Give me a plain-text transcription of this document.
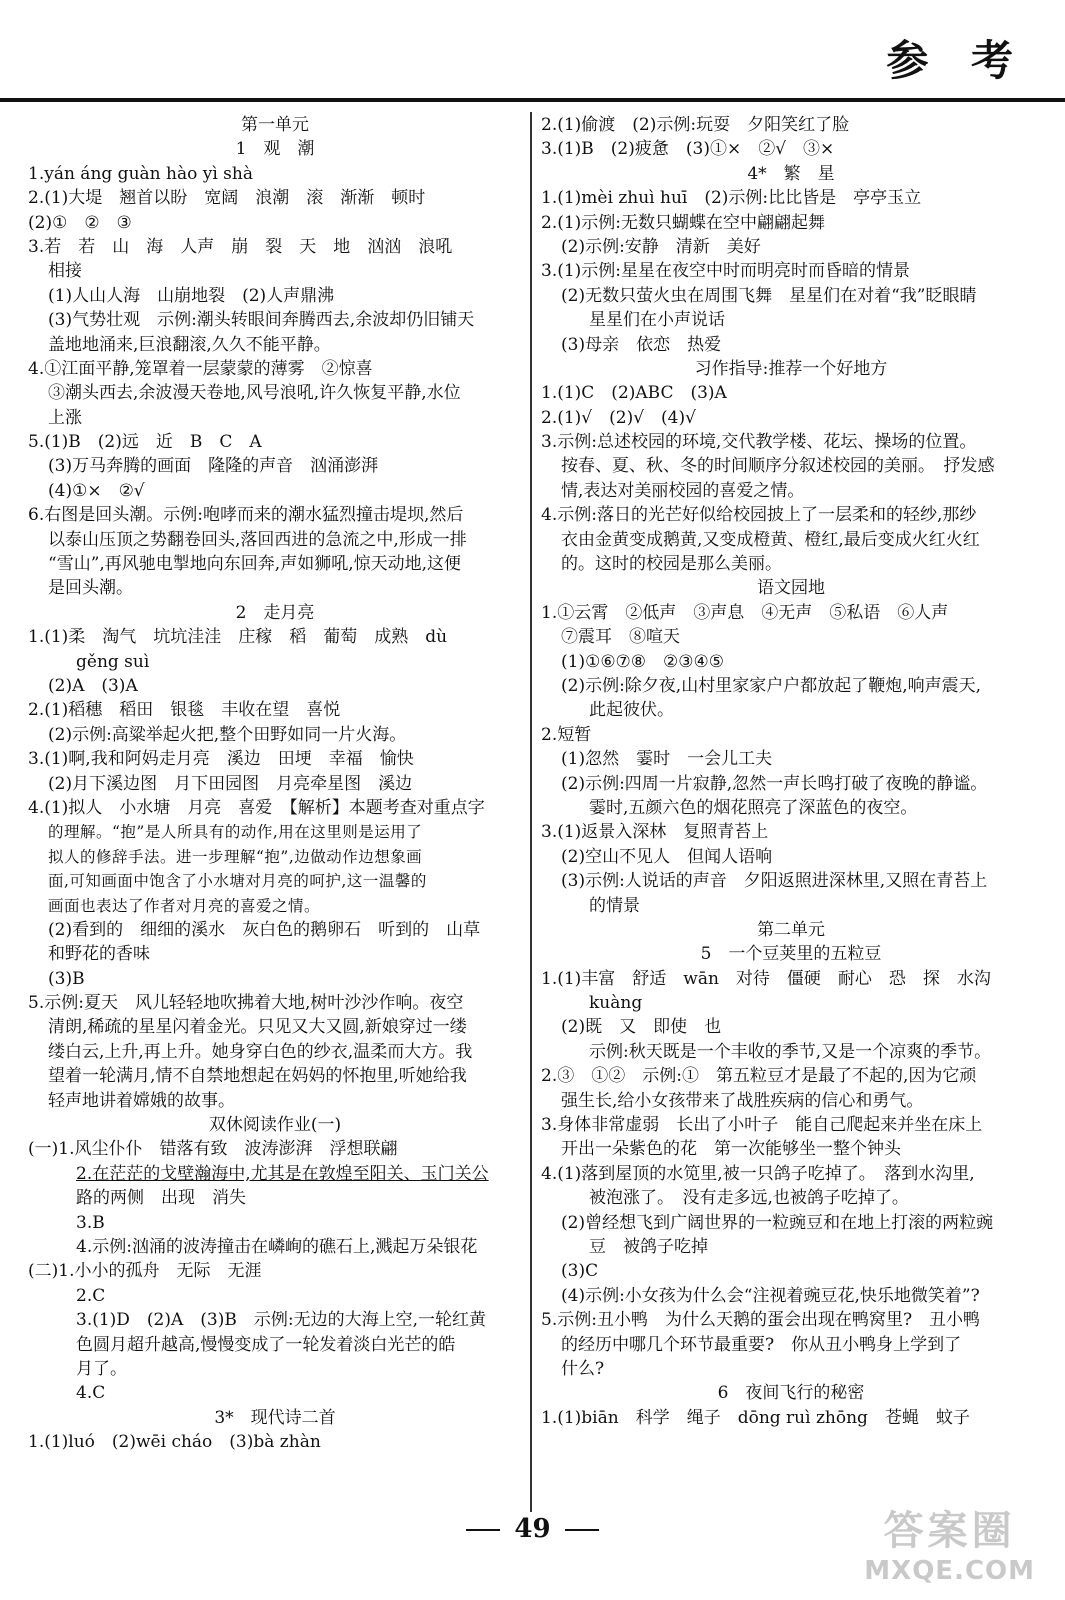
参 考
第一单元
1　观　潮
1.yán áng guàn hào yì shà
2.(1)大堤　翘首以盼　宽阔　浪潮　滚　渐渐　顿时
(2)①　②　③
3.若　若　山　海　人声　崩　裂　天　地　汹汹　浪吼
相接
(1)人山人海　山崩地裂　(2)人声鼎沸
(3)气势壮观　示例:潮头转眼间奔腾西去,余波却仍旧铺天
盖地地涌来,巨浪翻滚,久久不能平静。
4.①江面平静,笼罩着一层蒙蒙的薄雾　②惊喜
③潮头西去,余波漫天卷地,风号浪吼,许久恢复平静,水位
上涨
5.(1)B　(2)远　近　B　C　A
(3)万马奔腾的画面　隆隆的声音　汹涌澎湃
(4)①×　②√
6.右图是回头潮。示例:咆哮而来的潮水猛烈撞击堤坝,然后
以泰山压顶之势翻卷回头,落回西进的急流之中,形成一排
“雪山”,再风驰电掣地向东回奔,声如狮吼,惊天动地,这便
是回头潮。
2　走月亮
1.(1)柔　淘气　坑坑洼洼　庄稼　稻　葡萄　成熟　dù
gěng suì
(2)A　(3)A
2.(1)稻穗　稻田　银毯　丰收在望　喜悦
(2)示例:高粱举起火把,整个田野如同一片火海。
3.(1)啊,我和阿妈走月亮　溪边　田埂　幸福　愉快
(2)月下溪边图　月下田园图　月亮牵星图　溪边
4.(1)拟人　小水塘　月亮　喜爱　【解析】本题考查对重点字
的理解。“抱”是人所具有的动作,用在这里则是运用了
拟人的修辞手法。进一步理解“抱”,边做动作边想象画
面,可知画面中饱含了小水塘对月亮的呵护,这一温馨的
画面也表达了作者对月亮的喜爱之情。
(2)看到的　细细的溪水　灰白色的鹅卵石　听到的　山草
和野花的香味
(3)B
5.示例:夏天　风儿轻轻地吹拂着大地,树叶沙沙作响。夜空
清朗,稀疏的星星闪着金光。只见又大又圆,新娘穿过一缕
缕白云,上升,再上升。她身穿白色的纱衣,温柔而大方。我
望着一轮满月,情不自禁地想起在妈妈的怀抱里,听她给我
轻声地讲着嫦娥的故事。
双休阅读作业(一)
(一)1.风尘仆仆　错落有致　波涛澎湃　浮想联翩
2.在茫茫的戈壁瀚海中,尤其是在敦煌至阳关、玉门关公
路的两侧　出现　消失
3.B
4.示例:汹涌的波涛撞击在嶙峋的礁石上,溅起万朵银花
(二)1.小小的孤舟　无际　无涯
2.C
3.(1)D　(2)A　(3)B　示例:无边的大海上空,一轮红黄
色圆月超升越高,慢慢变成了一轮发着淡白光芒的皓
月了。
4.C
3*　现代诗二首
1.(1)luó　(2)wēi cháo　(3)bà zhàn
2.(1)偷渡　(2)示例:玩耍　夕阳笑红了脸
3.(1)B　(2)疲惫　(3)①×　②√　③×
4*　繁　星
1.(1)mèi zhuì huī　(2)示例:比比皆是　亭亭玉立
2.(1)示例:无数只蝴蝶在空中翩翩起舞
(2)示例:安静　清新　美好
3.(1)示例:星星在夜空中时而明亮时而昏暗的情景
(2)无数只萤火虫在周围飞舞　星星们在对着“我”眨眼睛
星星们在小声说话
(3)母亲　依恋　热爱
习作指导:推荐一个好地方
1.(1)C　(2)ABC　(3)A
2.(1)√　(2)√　(4)√
3.示例:总述校园的环境,交代教学楼、花坛、操场的位置。
按春、夏、秋、冬的时间顺序分叙述校园的美丽。　抒发感
情,表达对美丽校园的喜爱之情。
4.示例:落日的光芒好似给校园披上了一层柔和的轻纱,那纱
衣由金黄变成鹅黄,又变成橙黄、橙红,最后变成火红火红
的。这时的校园是那么美丽。
语文园地
1.①云霄　②低声　③声息　④无声　⑤私语　⑥人声
⑦震耳　⑧喧天
(1)①⑥⑦⑧　②③④⑤
(2)示例:除夕夜,山村里家家户户都放起了鞭炮,响声震天,
此起彼伏。
2.短暂
(1)忽然　霎时　一会儿工夫
(2)示例:四周一片寂静,忽然一声长鸣打破了夜晚的静谧。
霎时,五颜六色的烟花照亮了深蓝色的夜空。
3.(1)返景入深林　复照青苔上
(2)空山不见人　但闻人语响
(3)示例:人说话的声音　夕阳返照进深林里,又照在青苔上
的情景
第二单元
5　一个豆荚里的五粒豆
1.(1)丰富　舒适　wān　对待　僵硬　耐心　恐　探　水沟
kuàng
(2)既　又　即使　也
示例:秋天既是一个丰收的季节,又是一个凉爽的季节。
2.③　①②　示例:①　第五粒豆才是最了不起的,因为它顽
强生长,给小女孩带来了战胜疾病的信心和勇气。
3.身体非常虚弱　长出了小叶子　能自己爬起来并坐在床上
开出一朵紫色的花　第一次能够坐一整个钟头
4.(1)落到屋顶的水笕里,被一只鸽子吃掉了。　落到水沟里,
被泡涨了。　没有走多远,也被鸽子吃掉了。
(2)曾经想飞到广阔世界的一粒豌豆和在地上打滚的两粒豌
豆　被鸽子吃掉
(3)C
(4)示例:小女孩为什么会“注视着豌豆花,快乐地微笑着”?
5.示例:丑小鸭　为什么天鹅的蛋会出现在鸭窝里?　丑小鸭
的经历中哪几个环节最重要?　你从丑小鸭身上学到了
什么?
6　夜间飞行的秘密
1.(1)biān　科学　绳子　dōng ruì zhōng　苍蝇　蚊子
49	答案圈
MXQE.COM
